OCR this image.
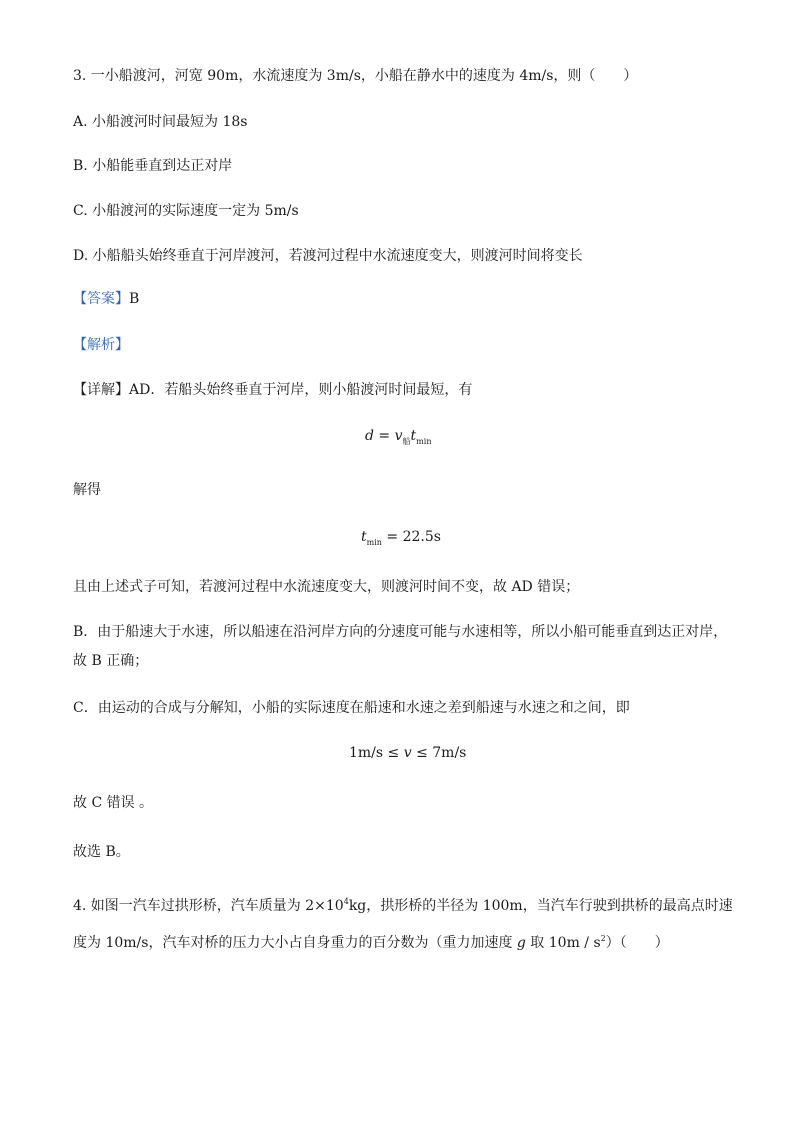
3. 一小船渡河，河宽 90m，水流速度为 3m/s，小船在静水中的速度为 4m/s，则（　　）
A. 小船渡河时间最短为 18s
B. 小船能垂直到达正对岸
C. 小船渡河的实际速度一定为 5m/s
D. 小船船头始终垂直于河岸渡河，若渡河过程中水流速度变大，则渡河时间将变长
【答案】B
【解析】
【详解】AD．若船头始终垂直于河岸，则小船渡河时间最短，有
$d = v_船t_{min}$
解得
$t_{min} = 22.5s$
且由上述式子可知，若渡河过程中水流速度变大，则渡河时间不变，故 AD 错误；
B．由于船速大于水速，所以船速在沿河岸方向的分速度可能与水速相等，所以小船可能垂直到达正对岸，故 B 正确；
C．由运动的合成与分解知，小船的实际速度在船速和水速之差到船速与水速之和之间，即
1m/s ≤ v ≤ 7m/s
故 C 错误 。
故选 B。
4. 如图一汽车过拱形桥，汽车质量为 $2\times 10^4kg$，拱形桥的半径为 100m，当汽车行驶到拱桥的最高点时速
度为 10m/s，汽车对桥的压力大小占自身重力的百分数为（重力加速度 g 取 $10m / s^2$）（　　）
